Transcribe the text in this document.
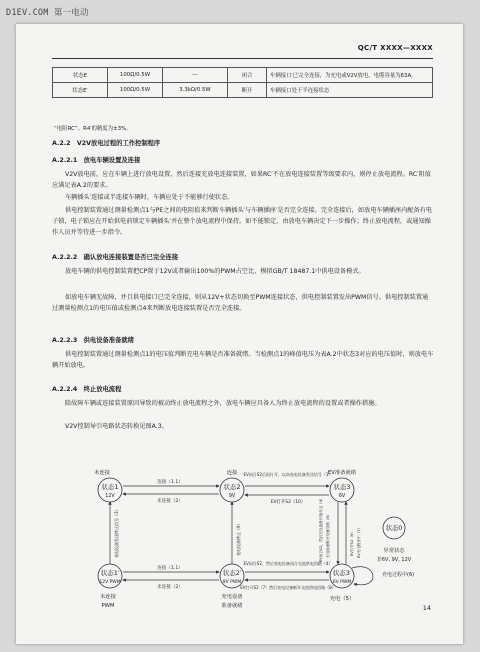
D1EV.COM 第一电动
QC/T XXXX—XXXX
状态E	100Ω/0.5W	—	闭合	车辆接口′已完全连接，为充电或V2V放电，电缆容量为63A。
状态E′	100Ω/0.5W	3.3kΩ/0.5W	断开	车辆接口处于半连接状态
“电阻RC”、R4′的精度为±3%。
A.2.2　V2V放电过程的工作控制程序
A.2.2.1　放电车辆设置及连接
V2V放电前，应在车辆上进行放电设置，然后连接充放电连接装置，如果RC′不在放电连接装置等级要求内，则停止放电流程。RC′阻值应满足表A.2的要求。
车辆插头′连接或半连接车辆时，车辆应处于不能够行使状态。
供电控制装置通过测量检测点1与PE之间的电阻值来判断车辆插头′与车辆插座′是否完全连接。完全连接后，如放电车辆插座内配备有电子锁，电子锁应在开始供电前锁定车辆插头′并在整个放电流程中保持。如不能锁定，由放电车辆决定下一步操作；终止放电流程，或通知操作人员并等待进一步指令。
A.2.2.2　确认放电连接装置是否已完全连接
放电车辆的供电控制装置把CP置于12V或者输出100%的PWM占空比，模拟GB/T 18487.1中供电设备模式。
如放电车辆无故障，并且供电接口已完全连接，则从12V+状态切换至PWM连接状态，供电控制装置发出PWM信号。供电控制装置通过测量检测点1的电压值或检测点4来判断放电连接装置是否完全连接。
A.2.2.3　供电设备准备就绪
供电控制装置通过测量检测点1的电压值判断充电车辆是否准备就绪。当检测点1的峰值电压为表A.2中状态3对应的电压值时，则放电车辆开始放电。
A.2.2.4　终止放电流程
除故障车辆或连接装置原因导致的被动终止放电流程之外，放电车辆应具备人为终止放电流程的设置或者操作措施。
V2V控制导引电路状态转换见图A.3。
状态1
12V
未连接
状态2
9V
连接
状态3
6V
EV准备就绪
状态1′
12V PWM
未连接
PWM
状态2′
9V PWM
充电设备
准备就绪
状态3′
6V PWM
充电（5）
状态0
异常状态
非6V, 9V, 12V
连接（1.1）
未连接（2）
EV闭合S2后再打开，以向充电设备发送信号（1）
EV打开S2（10）
连接（1.1）
未连接（2）
EV闭合S2，然后充电设备闭合交流供电回路（4）
EV打开S2（7）然后充电设备断开交流供电回路（8）
充电设备发送终止信号（3）	充电设备终止（9）	EV闭合S2，然后充电设备开始充电（4） 充电设备断开交流电路（8）	EV打开S2（6） EV充电程序中（7）
充电过程中(6)
14
